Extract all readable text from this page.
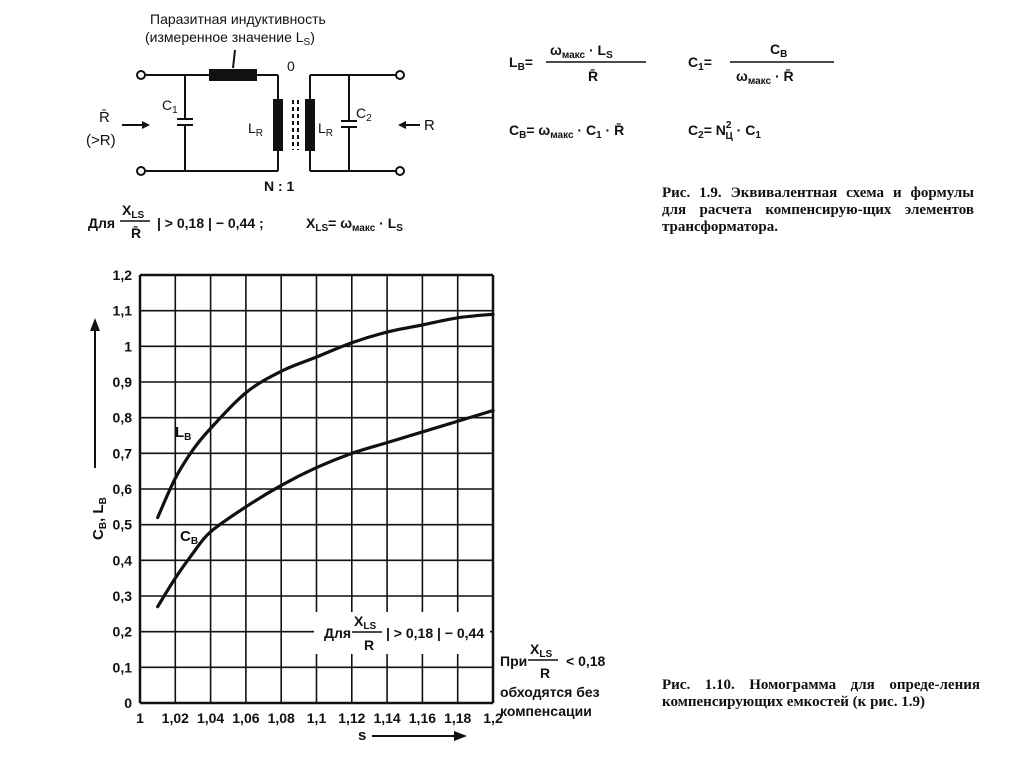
Паразитная индуктивность
(измеренное значение $L_S$)
0
R̄
(>R)
R
$C_1$	$C_2$
$L_R$	$L_R$
N : 1
Для
$X_{LS}$
R̄
| > 0,18 | − 0,44 ;	$X_{LS}= \omega_{макс} \cdot L_S$
$L_B=$
$\omega_{макс} \cdot L_S$
R̄
$C_1=$
$C_B$
$\omega_{макс}$ · R̄
$C_B= \omega_{макс} \cdot C_1$ · R̄	$C_2= N^2$ $Ц \cdot C_1$
1 1,02 1,04 1,06 1,08 1,1 1,12 1,14 1,16 1,18 1,2
0
0,1
0,2
0,3
0,4
0,5
0,6
0,7
0,8
0,9
1
1,1
1,2
$C_B$, $L_B$
s
$L_B$
$C_B$
Для
$X_{LS}$
R
| > 0,18 | − 0,44
При
$X_{LS}$
R
< 0,18
обходятся без
компенсации
Рис. 1.9. Эквивалентная схема и формулы для расчета компенсирую-щих элементов трансформатора.
Рис. 1.10. Номограмма для опреде-ления компенсирующих емкостей (к рис. 1.9)
